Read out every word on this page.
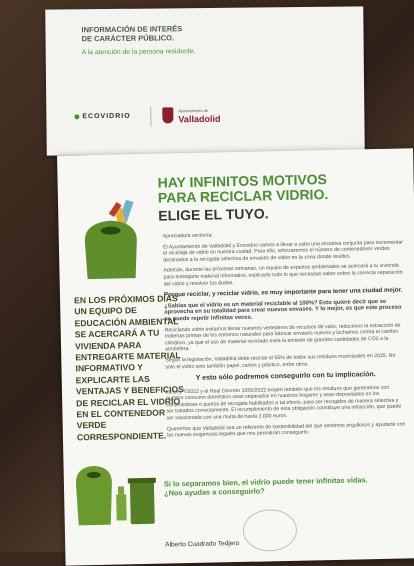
INFORMACIÓN DE INTERÉS
DE CARÁCTER PÚBLICO.
A la atención de la persona residente.
ECOVIDRIO
Ayuntamiento de
Valladolid
HAY INFINITOS MOTIVOS
PARA RECICLAR VIDRIO.
ELIGE EL TUYO.
EN LOS PRÓXIMOS DÍAS UN EQUIPO DE EDUCACIÓN AMBIENTAL SE ACERCARÁ A TU VIVIENDA PARA ENTREGARTE MATERIAL INFORMATIVO Y EXPLICARTE LAS VENTAJAS Y BENEFICIOS DE RECICLAR EL VIDRIO EN EL CONTENEDOR VERDE CORRESPONDIENTE.

Apreciado/a vecino/a:

El Ayuntamiento de Valladolid y Ecovidrio vamos a llevar a cabo una iniciativa conjunta para incrementar el reciclaje de vidrio en nuestra ciudad. Para ello, reforzaremos el número de contenedores verdes destinados a la recogida selectiva de envases de vidrio en la zona donde resides.

Además, durante las próximas semanas, un equipo de expertos ambientales se acercará a tu vivienda para entregarte material informativo, explicarte todo lo que necesitas saber sobre la correcta separación del vidrio y resolver tus dudas.

Porque reciclar, y reciclar vidrio, es muy importante para tener una ciudad mejor.

¿Sabías que el vidrio es un material reciclable al 100%? Esto quiere decir que se aprovecha en su totalidad para crear nuevos envases. Y lo mejor, es que este proceso se puede repetir infinitas veces.

Reciclando vidrio evitamos llenar nuestros vertederos de recursos de valor, reducimos la extracción de materias primas de los entornos naturales para fabricar envases nuevos y luchamos contra el cambio climático, ya que el uso de material reciclado evita la emisión de grandes cantidades de CO2 a la atmósfera.

Según la legislación, Valladolid debe reciclar el 55% de todos sus residuos municipales en 2025. No sólo el vidrio sino también papel, cartón y plástico, entre otros.

Y esto sólo podremos conseguirlo con tu implicación.

La Ley 7/2022 y el Real Decreto 1055/2022 exigen también que los residuos que generamos con nuestro consumo doméstico sean separados en nuestros hogares y sean depositados en los contenedores o puntos de recogida habilitados a tal efecto, para ser recogidos de manera selectiva y ser tratados correctamente. El incumplimiento de esta obligación constituye una infracción, que puede ser sancionada con una multa de hasta 2.000 euros.

Queremos que Valladolid sea un referente de sostenibilidad del que sentirnos orgullosos y ayudarte con las nuevas exigencias legales que nos permitirán conseguirlo.

Si lo separamos bien, el vidrio puede tener infinitas vidas.
¿Nos ayudas a conseguirlo?
Alberto Cuadrado Tedjero
